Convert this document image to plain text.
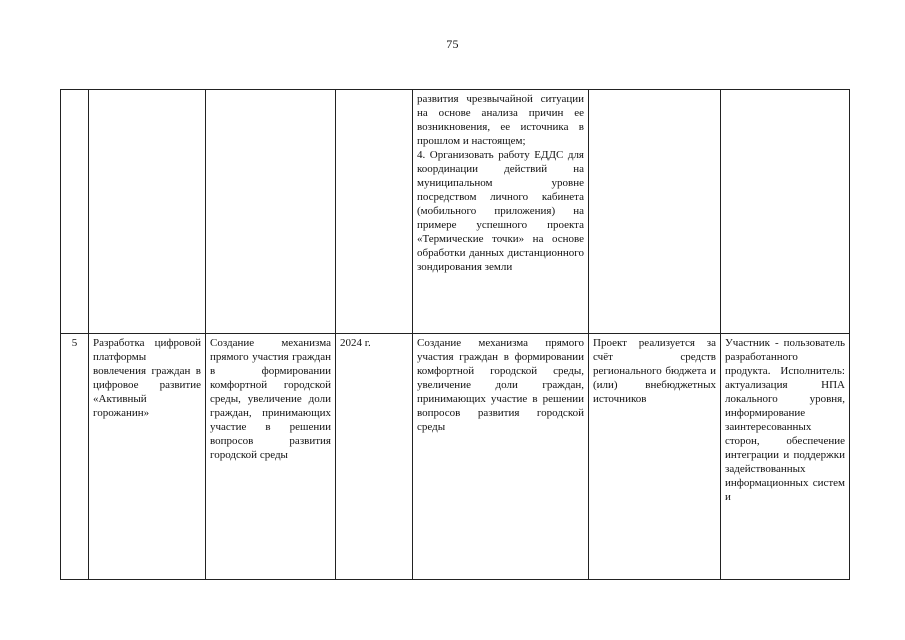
75
				развития чрезвычайной ситуации на основе анализа причин ее возникновения, ее источника в прошлом и настоящем;
4. Организовать работу ЕДДС для координации действий на муниципальном уровне посредством личного кабинета (мобильного приложения) на примере успешного проекта «Термические точки» на основе обработки данных дистанционного зондирования земли		
5	Разработка цифровой платформы вовлечения граждан в цифровое развитие «Активный горожанин»	Создание механизма прямого участия граждан в формировании комфортной городской среды, увеличение доли граждан, принимающих участие в решении вопросов развития городской среды	2024 г.	Создание механизма прямого участия граждан в формировании комфортной городской среды, увеличение доли граждан, принимающих участие в решении вопросов развития городской среды	Проект реализуется за счёт средств регионального бюджета и (или) внебюджетных источников	Участник - пользователь разработанного продукта. Исполнитель: актуализация НПА локального уровня, информирование заинтересованных сторон, обеспечение интеграции и поддержки задействованных информационных систем и
